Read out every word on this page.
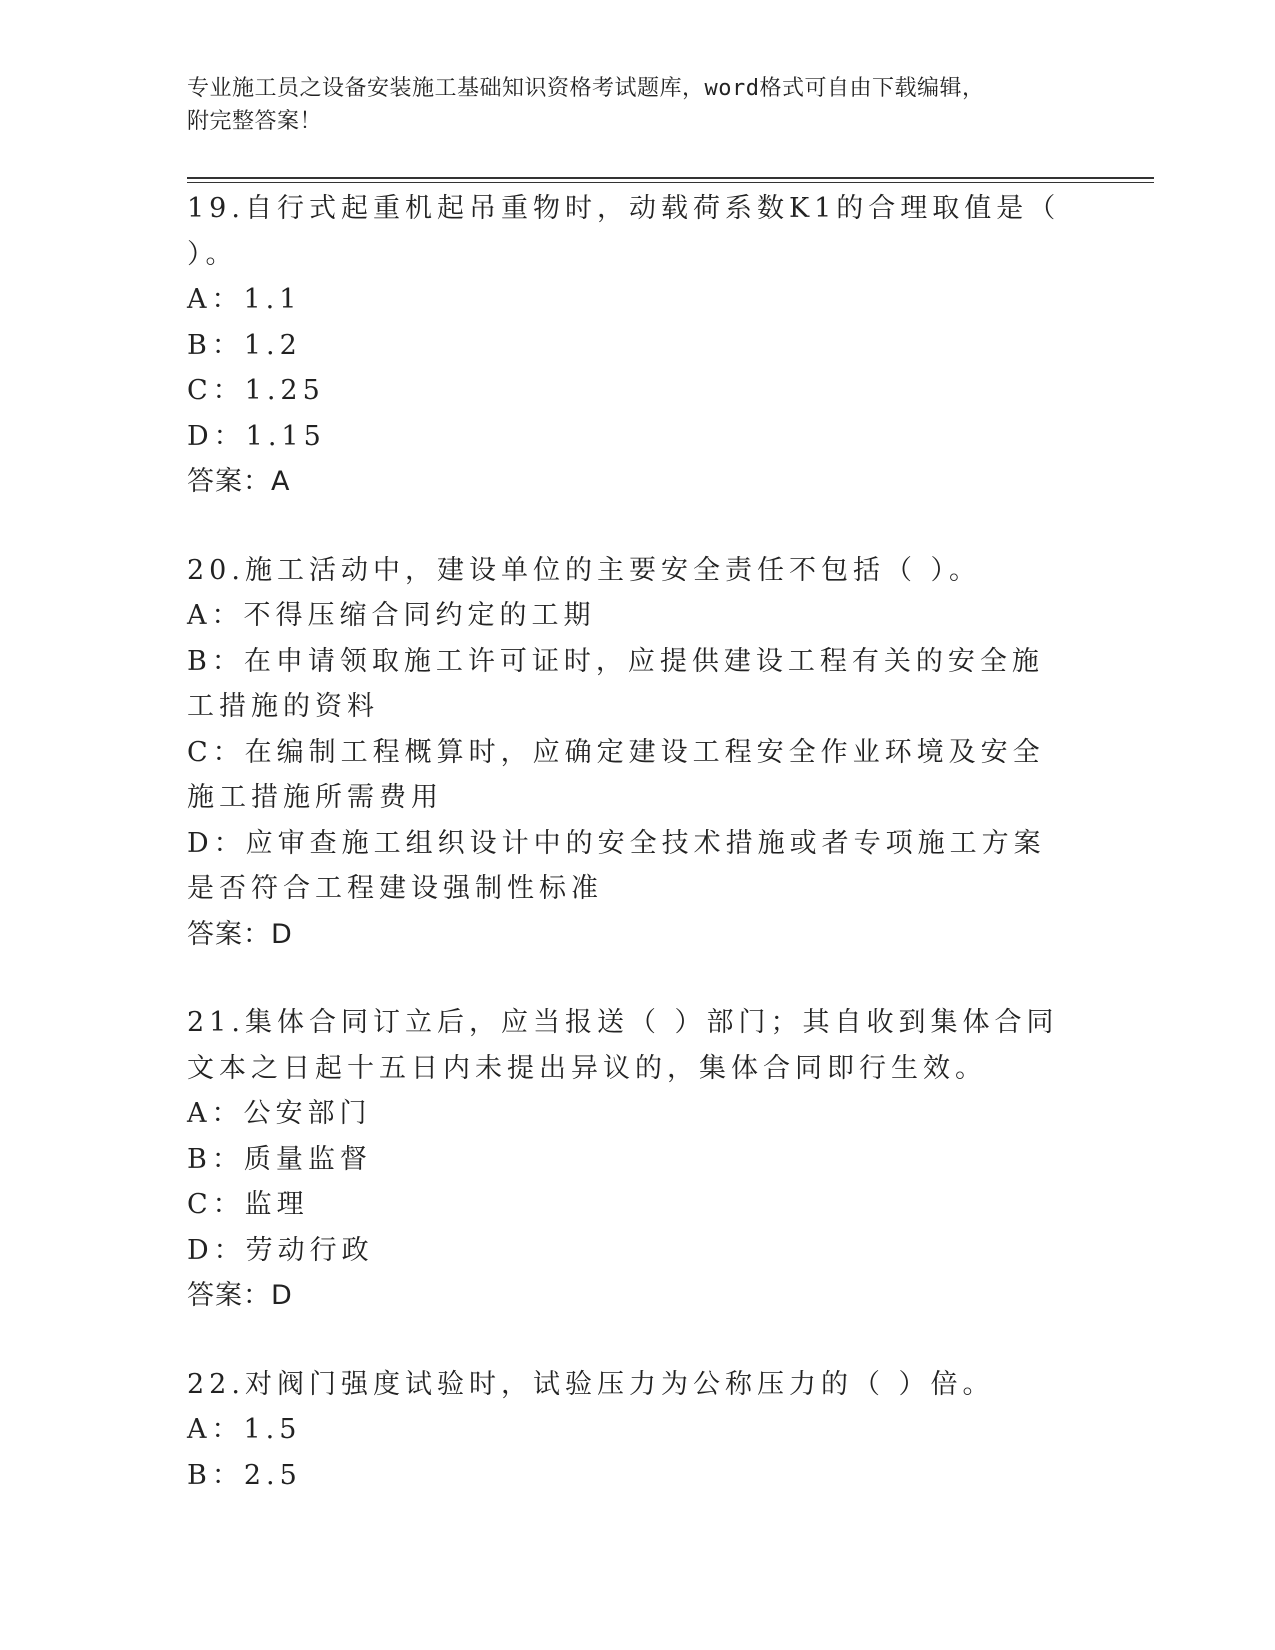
专业施工员之设备安装施工基础知识资格考试题库，word格式可自由下载编辑，
附完整答案！

19.自行式起重机起吊重物时，动载荷系数K1的合理取值是（ ）。

A：1.1

B：1.2

C：1.25

D：1.15

答案：A

20.施工活动中，建设单位的主要安全责任不包括（ ）。

A：不得压缩合同约定的工期

B：在申请领取施工许可证时，应提供建设工程有关的安全施工措施的资料

C：在编制工程概算时，应确定建设工程安全作业环境及安全施工措施所需费用

D：应审查施工组织设计中的安全技术措施或者专项施工方案是否符合工程建设强制性标准

答案：D

21.集体合同订立后，应当报送（ ）部门；其自收到集体合同文本之日起十五日内未提出异议的，集体合同即行生效。

A：公安部门

B：质量监督

C：监理

D：劳动行政

答案：D

22.对阀门强度试验时，试验压力为公称压力的（ ）倍。

A：1.5

B：2.5
